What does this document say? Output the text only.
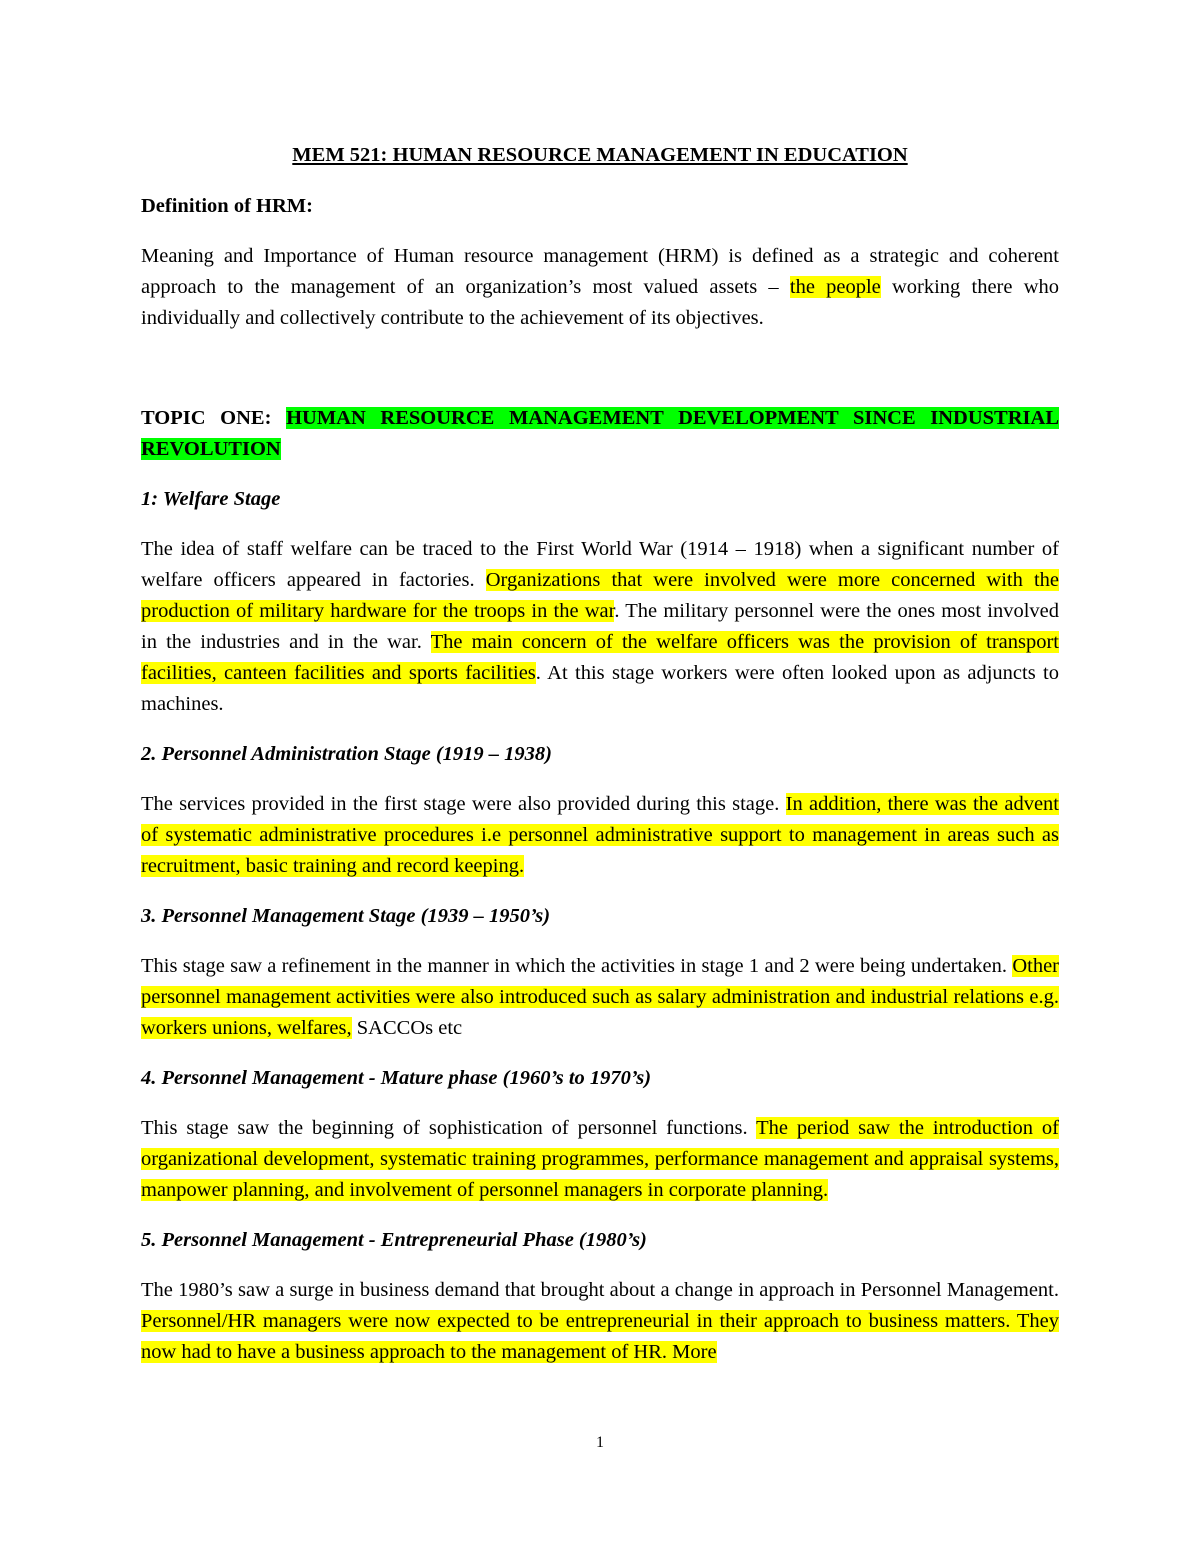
MEM 521: HUMAN RESOURCE MANAGEMENT IN EDUCATION
Definition of HRM:
Meaning and Importance of Human resource management (HRM) is defined as a strategic and coherent approach to the management of an organization’s most valued assets – the people working there who individually and collectively contribute to the achievement of its objectives.
TOPIC ONE: HUMAN RESOURCE MANAGEMENT DEVELOPMENT SINCE INDUSTRIAL REVOLUTION
1: Welfare Stage
The idea of staff welfare can be traced to the First World War (1914 – 1918) when a significant number of welfare officers appeared in factories. Organizations that were involved were more concerned with the production of military hardware for the troops in the war. The military personnel were the ones most involved in the industries and in the war. The main concern of the welfare officers was the provision of transport facilities, canteen facilities and sports facilities. At this stage workers were often looked upon as adjuncts to machines.
2. Personnel Administration Stage (1919 – 1938)
The services provided in the first stage were also provided during this stage. In addition, there was the advent of systematic administrative procedures i.e personnel administrative support to management in areas such as recruitment, basic training and record keeping.
3. Personnel Management Stage (1939 – 1950’s)
This stage saw a refinement in the manner in which the activities in stage 1 and 2 were being undertaken. Other personnel management activities were also introduced such as salary administration and industrial relations e.g. workers unions, welfares, SACCOs etc
4. Personnel Management - Mature phase (1960’s to 1970’s)
This stage saw the beginning of sophistication of personnel functions. The period saw the introduction of organizational development, systematic training programmes, performance management and appraisal systems, manpower planning, and involvement of personnel managers in corporate planning.
5. Personnel Management - Entrepreneurial Phase (1980’s)
The 1980’s saw a surge in business demand that brought about a change in approach in Personnel Management. Personnel/HR managers were now expected to be entrepreneurial in their approach to business matters. They now had to have a business approach to the management of HR. More
1
